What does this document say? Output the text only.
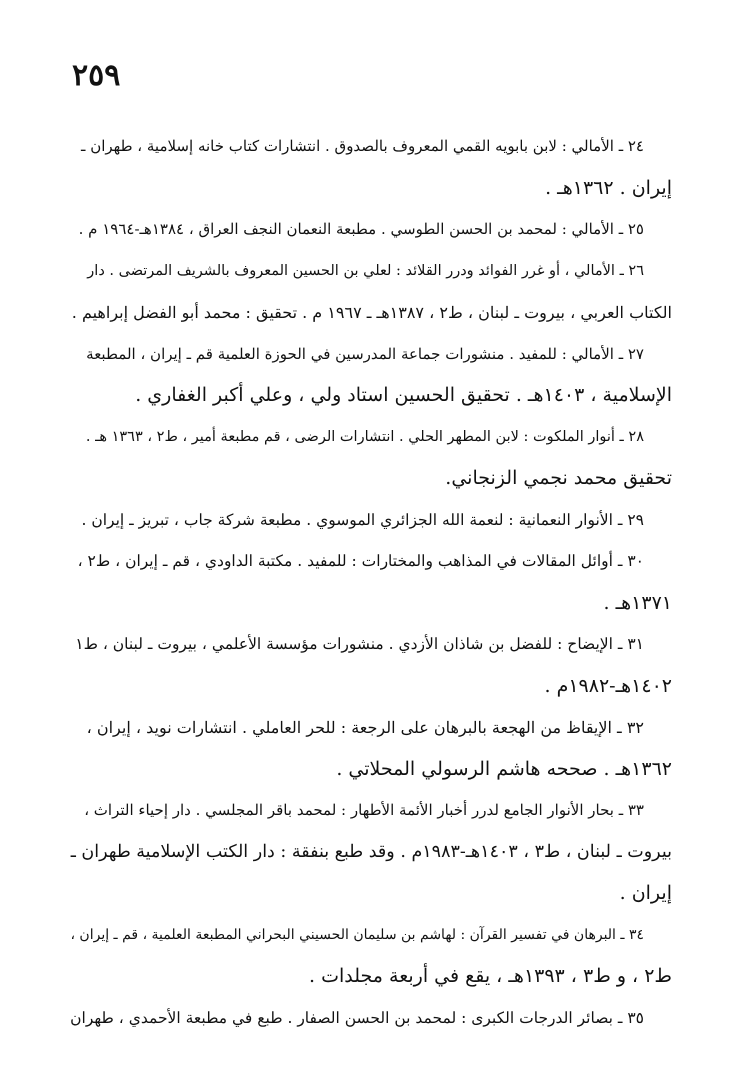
٢٥٩
٢٤ ـ الأمالي : لابن بابويه القمي المعروف بالصدوق . انتشارات كتاب خانه إسلامية ، طهران ـ
إيران . ١٣٦٢هـ .
٢٥ ـ الأمالي : لمحمد بن الحسن الطوسي . مطبعة النعمان النجف العراق ، ١٣٨٤هـ-١٩٦٤ م .
٢٦ ـ الأمالي ، أو غرر الفوائد ودرر القلائد : لعلي بن الحسين المعروف بالشريف المرتضى . دار
الكتاب العربي ، بيروت ـ لبنان ، ط٢ ، ١٣٨٧هـ ـ ١٩٦٧ م . تحقيق : محمد أبو الفضل إبراهيم .
٢٧ ـ الأمالي : للمفيد . منشورات جماعة المدرسين في الحوزة العلمية قم ـ إيران ، المطبعة
الإسلامية ، ١٤٠٣هـ . تحقيق الحسين استاد ولي ، وعلي أكبر الغفاري .
٢٨ ـ أنوار الملكوت : لابن المطهر الحلي . انتشارات الرضى ، قم مطبعة أمير ، ط٢ ، ١٣٦٣ هـ .
تحقيق محمد نجمي الزنجاني.
٢٩ ـ الأنوار النعمانية : لنعمة الله الجزائري الموسوي . مطبعة شركة جاب ، تبريز ـ إيران .
٣٠ ـ أوائل المقالات في المذاهب والمختارات : للمفيد . مكتبة الداودي ، قم ـ إيران ، ط٢ ،
١٣٧١هـ .
٣١ ـ الإيضاح : للفضل بن شاذان الأزدي . منشورات مؤسسة الأعلمي ، بيروت ـ لبنان ، ط١
١٤٠٢هـ-١٩٨٢م .
٣٢ ـ الإيقاظ من الهجعة بالبرهان على الرجعة : للحر العاملي . انتشارات نويد ، إيران ،
١٣٦٢هـ . صححه هاشم الرسولي المحلاتي .
٣٣ ـ بحار الأنوار الجامع لدرر أخبار الأئمة الأطهار : لمحمد باقر المجلسي . دار إحياء التراث ،
بيروت ـ لبنان ، ط٣ ، ١٤٠٣هـ-١٩٨٣م . وقد طبع بنفقة : دار الكتب الإسلامية طهران ـ
إيران .
٣٤ ـ البرهان في تفسير القرآن : لهاشم بن سليمان الحسيني البحراني المطبعة العلمية ، قم ـ إيران ،
ط٢ ، و ط٣ ، ١٣٩٣هـ ، يقع في أربعة مجلدات .
٣٥ ـ بصائر الدرجات الكبرى : لمحمد بن الحسن الصفار . طبع في مطبعة الأحمدي ، طهران
